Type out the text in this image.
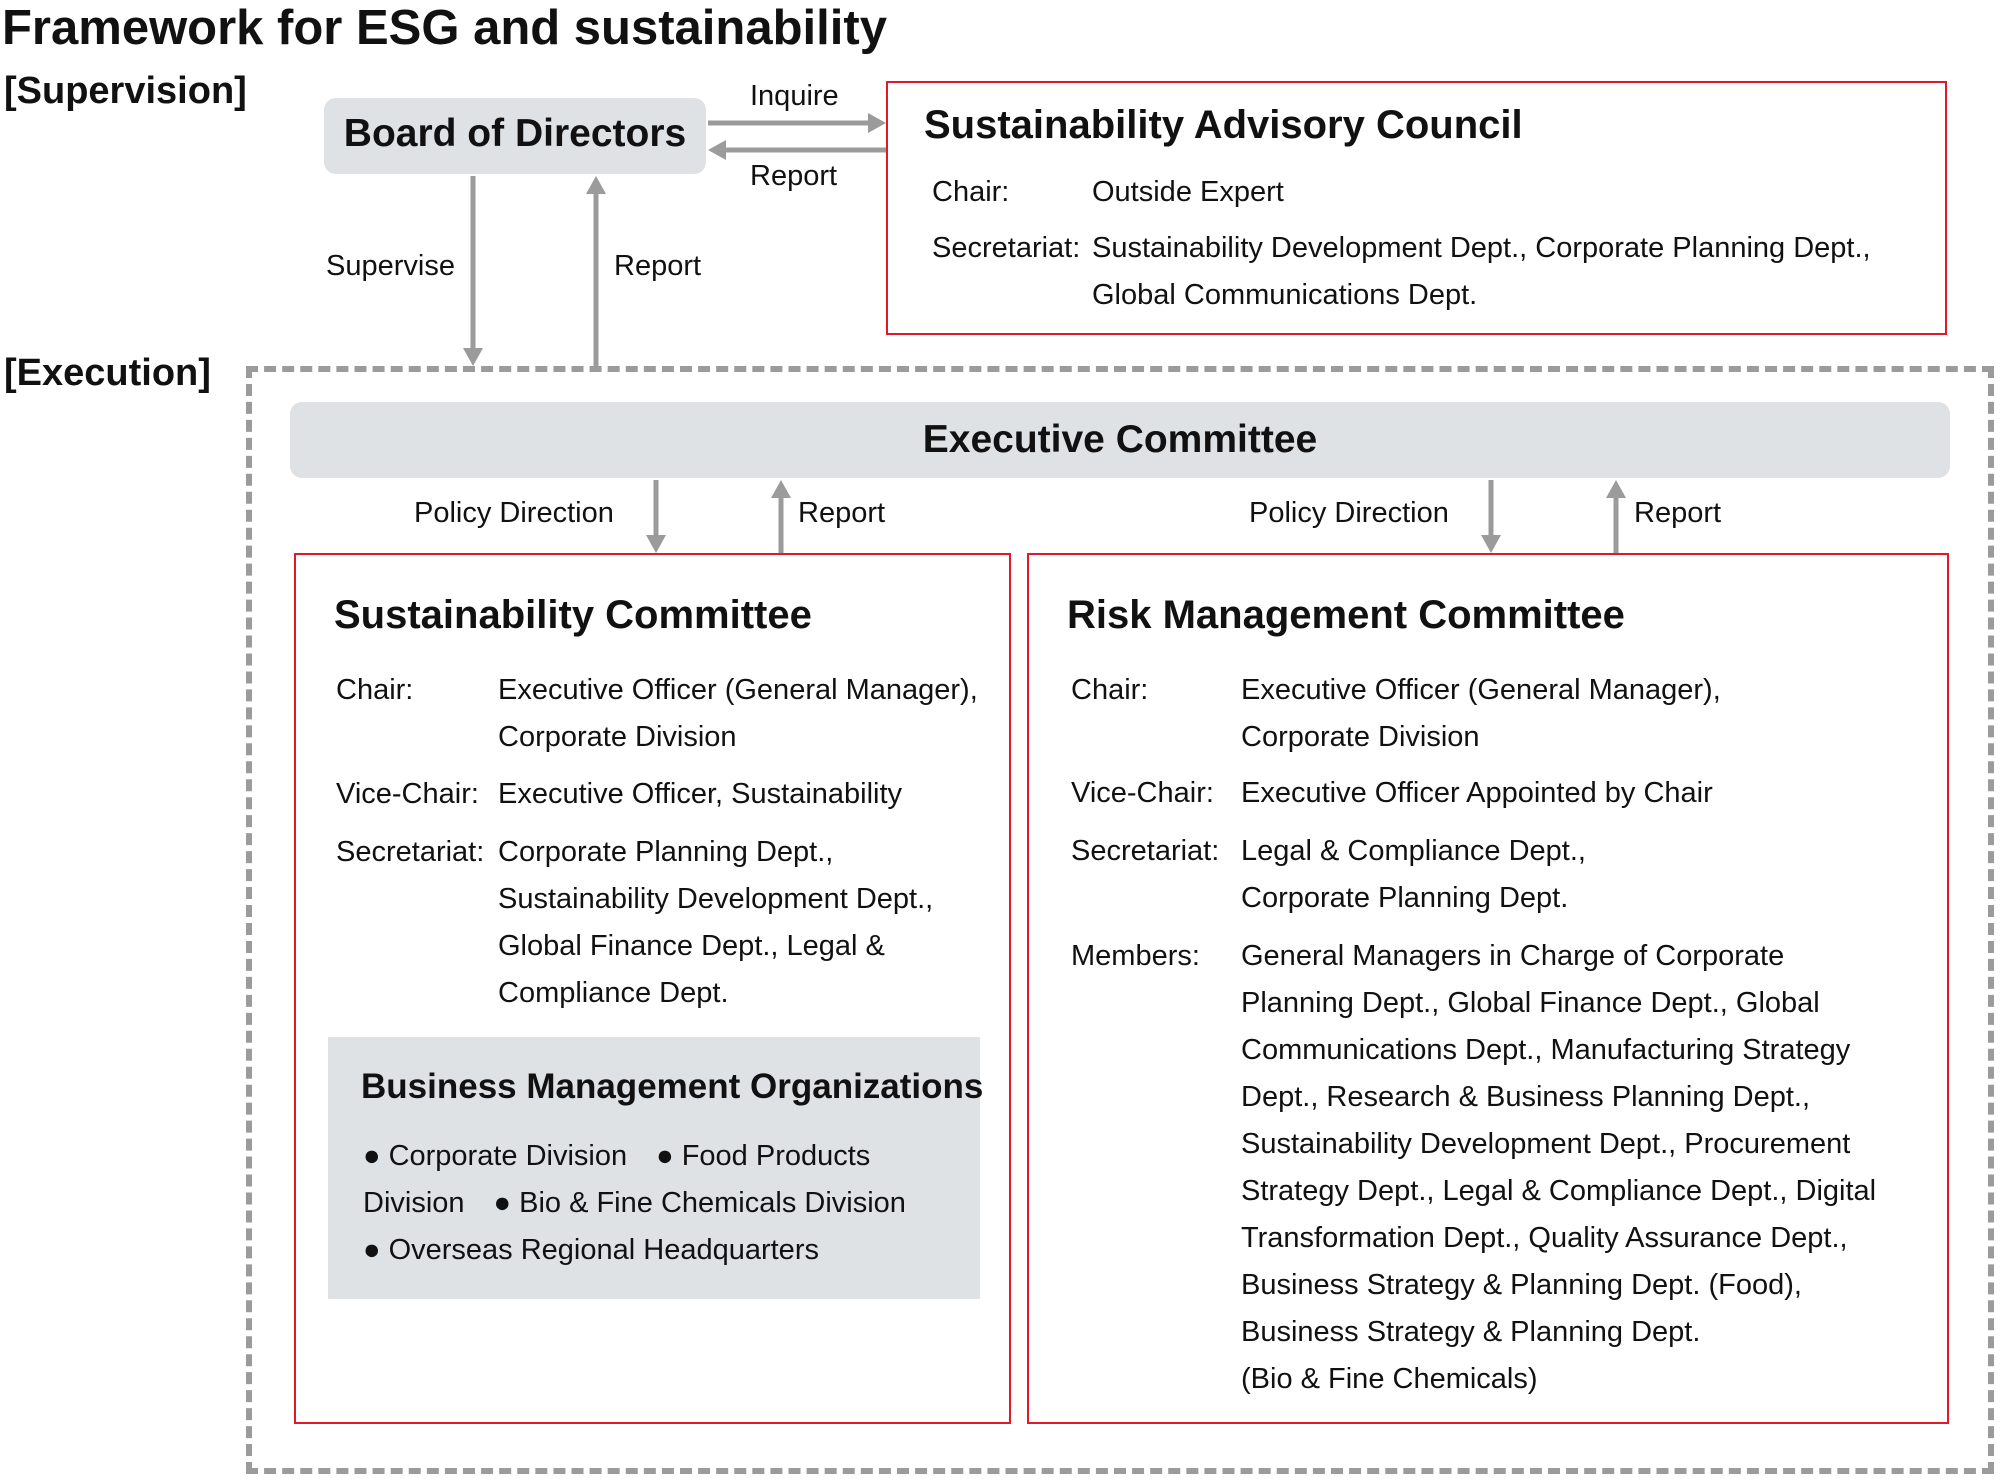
Framework for ESG and sustainability
[Supervision]
[Execution]
Board of Directors	Sustainability Advisory Council
Chair:	Outside Expert
Secretariat: Sustainability Development Dept., Corporate Planning Dept.,
Global Communications Dept.
Executive Committee
Sustainability Committee
Chair:	Executive Officer (General Manager),
Corporate Division
Vice-Chair: Executive Officer, Sustainability
Secretariat: Corporate Planning Dept.,
Sustainability Development Dept.,
Global Finance Dept., Legal &
Compliance Dept.
Business Management Organizations
● Corporate Division　● Food Products
Division　● Bio & Fine Chemicals Division
● Overseas Regional Headquarters
Risk Management Committee
Chair:	Executive Officer (General Manager),
Corporate Division
Vice-Chair: Executive Officer Appointed by Chair
Secretariat: Legal & Compliance Dept.,
Corporate Planning Dept.
Members: General Managers in Charge of Corporate
Planning Dept., Global Finance Dept., Global
Communications Dept., Manufacturing Strategy
Dept., Research & Business Planning Dept.,
Sustainability Development Dept., Procurement
Strategy Dept., Legal & Compliance Dept., Digital
Transformation Dept., Quality Assurance Dept.,
Business Strategy & Planning Dept. (Food),
Business Strategy & Planning Dept.
(Bio & Fine Chemicals)
Inquire
Report
Supervise	Report
Policy Direction	Report	Policy Direction	Report
